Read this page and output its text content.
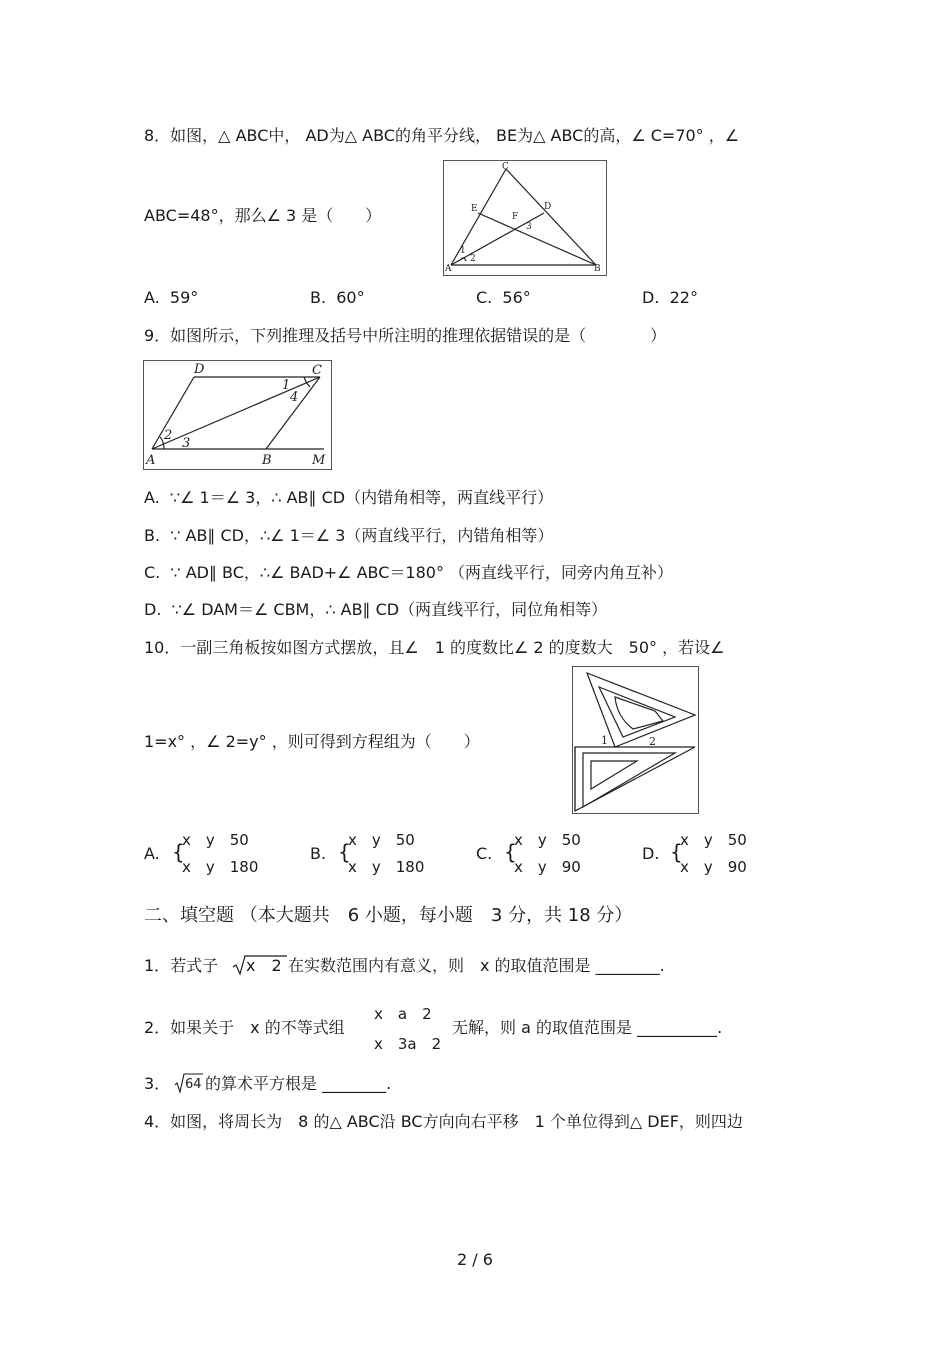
8．如图，△ ABC中， AD为△ ABC的角平分线， BE为△ ABC的高，∠ C=70° ，∠
ABC=48°，那么∠ 3 是（　　）
C
E	D
F
3
1
2
A	B
A.  59°	B.  60°	C.  56°	D.  22°
9．如图所示，下列推理及括号中所注明的推理依据错误的是（　　　　）
D	C
1
4
2
3
A	B	M
A.  ∵∠ 1＝∠ 3，∴ AB∥ CD（内错角相等，两直线平行）
B.  ∵ AB∥ CD，∴∠ 1＝∠ 3（两直线平行，内错角相等）
C.  ∵ AD∥ BC，∴∠ BAD+∠ ABC＝180° （两直线平行，同旁内角互补）
D.  ∵∠ DAM＝∠ CBM，∴ AB∥ CD（两直线平行，同位角相等）
10．一副三角板按如图方式摆放，且∠　1 的度数比∠ 2 的度数大　50° ，若设∠
1=x° ，∠ 2=y° ，则可得到方程组为（　　）	1	2
A. {
x　y　50
x　y　180
B. {
x　y　50
x　y　180
C. {
x　y　50
x　y　90
D. {
x　y　50
x　y　90
二、填空题 （本大题共　6 小题，每小题　3 分，共 18 分）
1．若式子

x　2 在实数范围内有意义，则　x 的取值范围是 ________.
2．如果关于　x 的不等式组
x　a　2
x　3a　2
无解，则 a 的取值范围是 __________.
3．

64 的算术平方根是 ________.
4．如图，将周长为　8 的△ ABC沿 BC方向向右平移　1 个单位得到△ DEF，则四边
2 / 6
